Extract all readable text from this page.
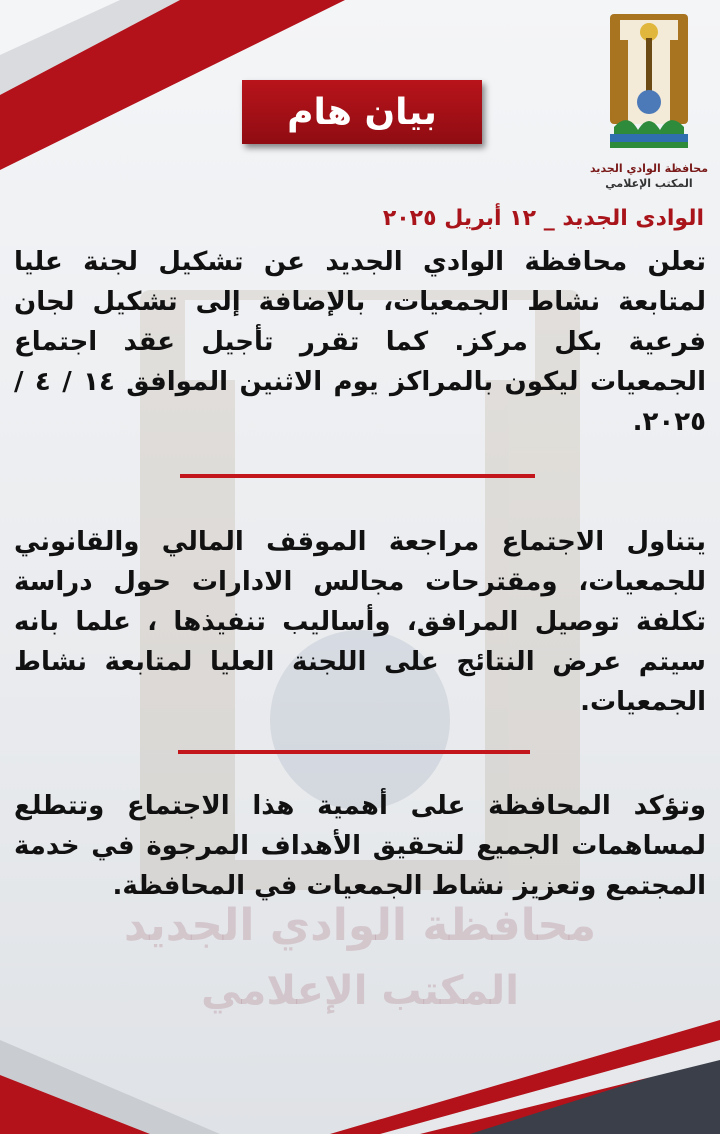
محافظة الوادي الجديد
المكتب الإعلامي
محافظة الوادي الجديد
المكتب الإعلامي
بيان هام
الوادى الجديد _ ١٢ أبريل ٢٠٢٥
تعلن محافظة الوادي الجديد عن تشكيل لجنة عليا لمتابعة نشاط الجمعيات، بالإضافة إلى تشكيل لجان فرعية بكل مركز. كما تقرر تأجيل عقد اجتماع الجمعيات ليكون بالمراكز يوم الاثنين الموافق ١٤ / ٤ / ٢٠٢٥.
يتناول الاجتماع مراجعة الموقف المالي والقانوني للجمعيات، ومقترحات مجالس الادارات حول دراسة تكلفة توصيل المرافق، وأساليب تنفيذها ، علما بانه سيتم عرض النتائج على اللجنة العليا لمتابعة نشاط الجمعيات.
وتؤكد المحافظة على أهمية هذا الاجتماع وتتطلع لمساهمات الجميع لتحقيق الأهداف المرجوة في خدمة المجتمع وتعزيز نشاط الجمعيات في المحافظة.
